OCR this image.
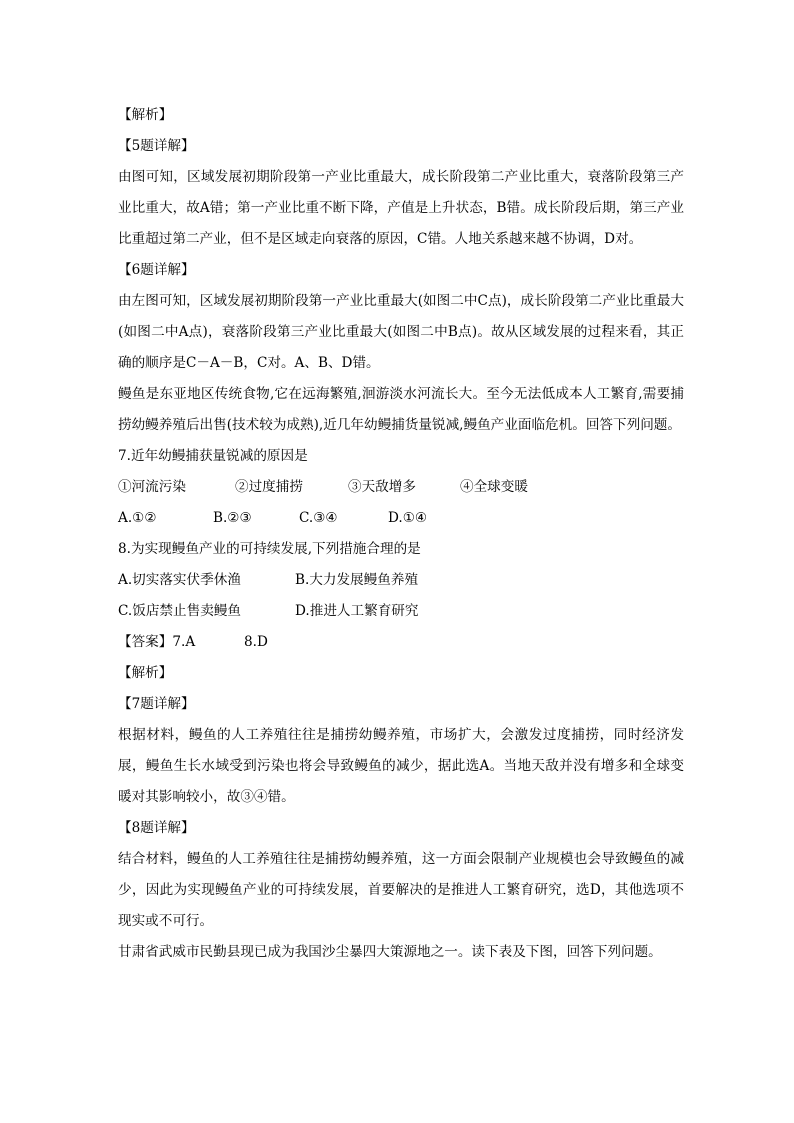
【解析】
【5题详解】
由图可知，区域发展初期阶段第一产业比重最大，成长阶段第二产业比重大，衰落阶段第三产业比重大，故A错；第一产业比重不断下降，产值是上升状态，B错。成长阶段后期，第三产业比重超过第二产业，但不是区域走向衰落的原因，C错。人地关系越来越不协调，D对。
【6题详解】
由左图可知，区域发展初期阶段第一产业比重最大(如图二中C点)，成长阶段第二产业比重最大(如图二中A点)，衰落阶段第三产业比重最大(如图二中B点)。故从区域发展的过程来看，其正确的顺序是C－A－B，C对。A、B、D错。
鳗鱼是东亚地区传统食物,它在远海繁殖,洄游淡水河流长大。至今无法低成本人工繁育,需要捕捞幼鳗养殖后出售(技术较为成熟),近几年幼鳗捕货量锐减,鳗鱼产业面临危机。回答下列问题。
7.近年幼鳗捕获量锐减的原因是
①河流污染	②过度捕捞	③天敌增多	④全球变暖
A.①②	B.②③	C.③④	D.①④
8.为实现鳗鱼产业的可持续发展,下列措施合理的是
A.切实落实伏季休渔	B.大力发展鳗鱼养殖
C.饭店禁止售卖鳗鱼	D.推进人工繁育研究
【答案】7.A	8.D
【解析】
【7题详解】
根据材料，鳗鱼的人工养殖往往是捕捞幼鳗养殖，市场扩大，会激发过度捕捞，同时经济发展，鳗鱼生长水域受到污染也将会导致鳗鱼的减少，据此选A。当地天敌并没有增多和全球变暖对其影响较小，故③④错。
【8题详解】
结合材料，鳗鱼的人工养殖往往是捕捞幼鳗养殖，这一方面会限制产业规模也会导致鳗鱼的减少，因此为实现鳗鱼产业的可持续发展，首要解决的是推进人工繁育研究，选D，其他选项不现实或不可行。
甘肃省武威市民勤县现已成为我国沙尘暴四大策源地之一。读下表及下图，回答下列问题。
